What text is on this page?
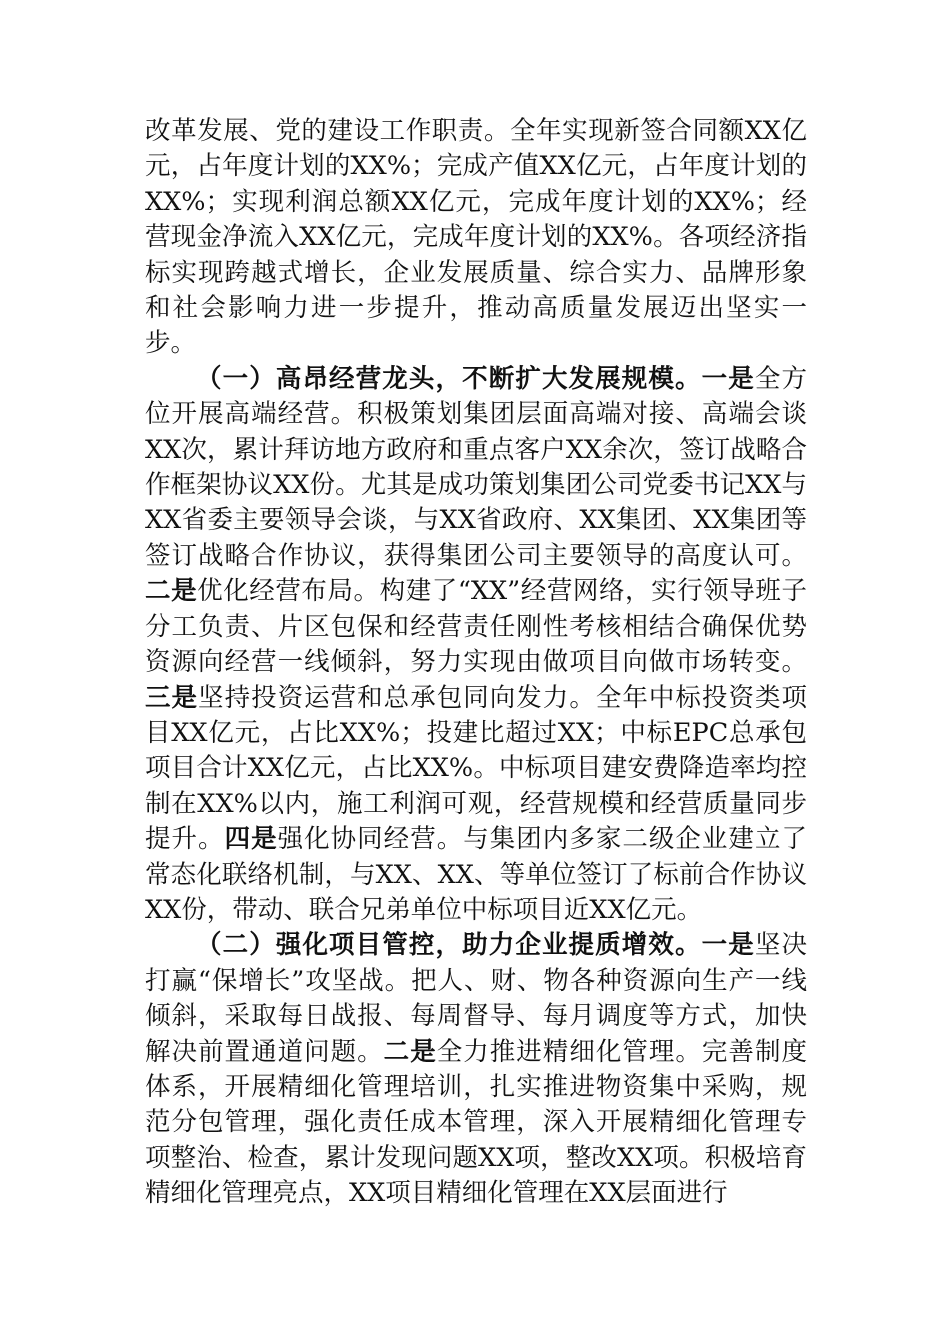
改革发展、党的建设工作职责。全年实现新签合同额XX亿元，占年度计划的XX%；完成产值XX亿元，占年度计划的XX%；实现利润总额XX亿元，完成年度计划的XX%；经营现金净流入XX亿元，完成年度计划的XX%。各项经济指标实现跨越式增长，企业发展质量、综合实力、品牌形象和社会影响力进一步提升，推动高质量发展迈出坚实一步。

（一）高昂经营龙头，不断扩大发展规模。一是全方位开展高端经营。积极策划集团层面高端对接、高端会谈XX次，累计拜访地方政府和重点客户XX余次，签订战略合作框架协议XX份。尤其是成功策划集团公司党委书记XX与XX省委主要领导会谈，与XX省政府、XX集团、XX集团等签订战略合作协议，获得集团公司主要领导的高度认可。二是优化经营布局。构建了“XX”经营网络，实行领导班子分工负责、片区包保和经营责任刚性考核相结合确保优势资源向经营一线倾斜，努力实现由做项目向做市场转变。三是坚持投资运营和总承包同向发力。全年中标投资类项目XX亿元，占比XX%；投建比超过XX；中标EPC总承包项目合计XX亿元，占比XX%。中标项目建安费降造率均控制在XX%以内，施工利润可观，经营规模和经营质量同步提升。四是强化协同经营。与集团内多家二级企业建立了常态化联络机制，与XX、XX、等单位签订了标前合作协议XX份，带动、联合兄弟单位中标项目近XX亿元。

（二）强化项目管控，助力企业提质增效。一是坚决打赢“保增长”攻坚战。把人、财、物各种资源向生产一线倾斜，采取每日战报、每周督导、每月调度等方式，加快解决前置通道问题。二是全力推进精细化管理。完善制度体系，开展精细化管理培训，扎实推进物资集中采购，规范分包管理，强化责任成本管理，深入开展精细化管理专项整治、检查，累计发现问题XX项，整改XX项。积极培育精细化管理亮点，XX项目精细化管理在XX层面进行
